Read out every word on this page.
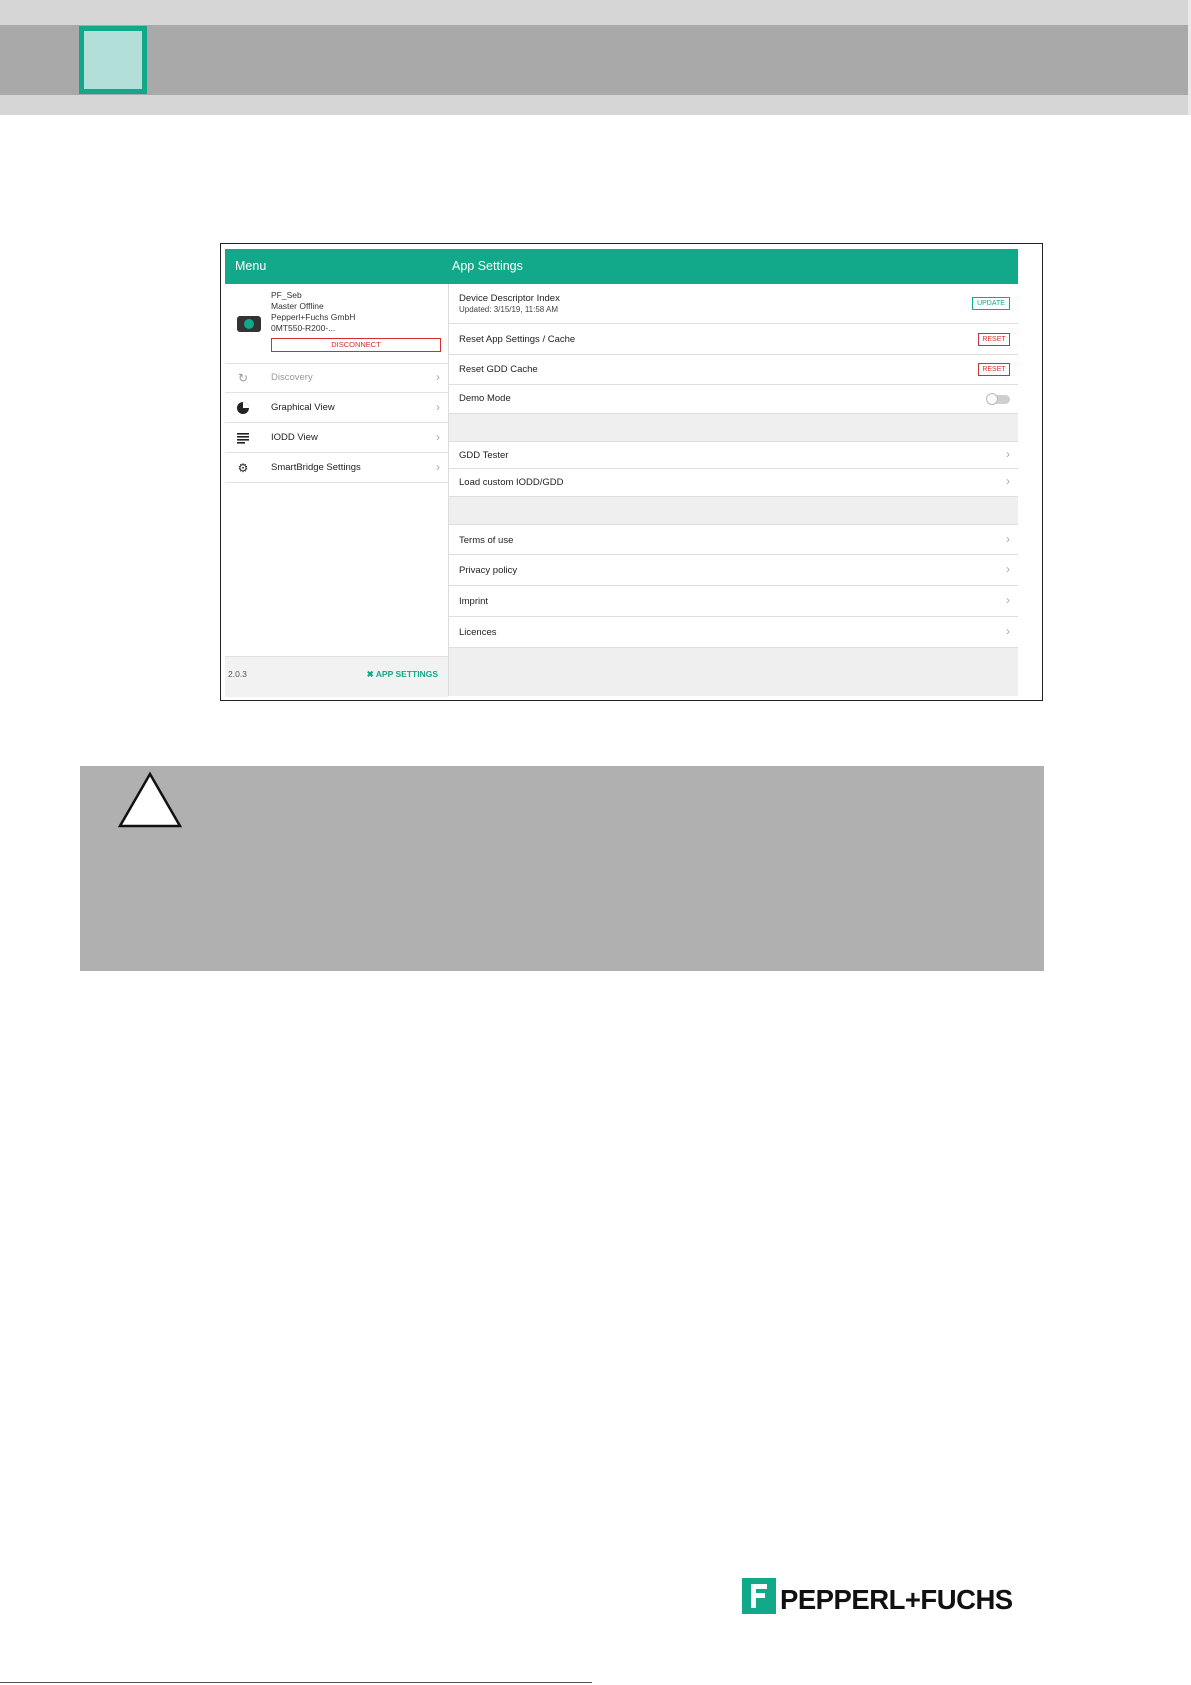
Menu	App Settings
PF_Seb
Master Offline
Pepperl+Fuchs GmbH
0MT550-R200-...
DISCONNECT
↻ Discovery	›
Graphical View	›
IODD View	›
⚙ SmartBridge Settings	›
2.0.3	✖ APP SETTINGS
Device Descriptor Index
Updated: 3/15/19, 11:58 AM
UPDATE
Reset App Settings / Cache	RESET
Reset GDD Cache	RESET
Demo Mode
GDD Tester	›
Load custom IODD/GDD	›
Terms of use	›
Privacy policy	›
Imprint	›
Licences	›
PEPPERL+FUCHS
